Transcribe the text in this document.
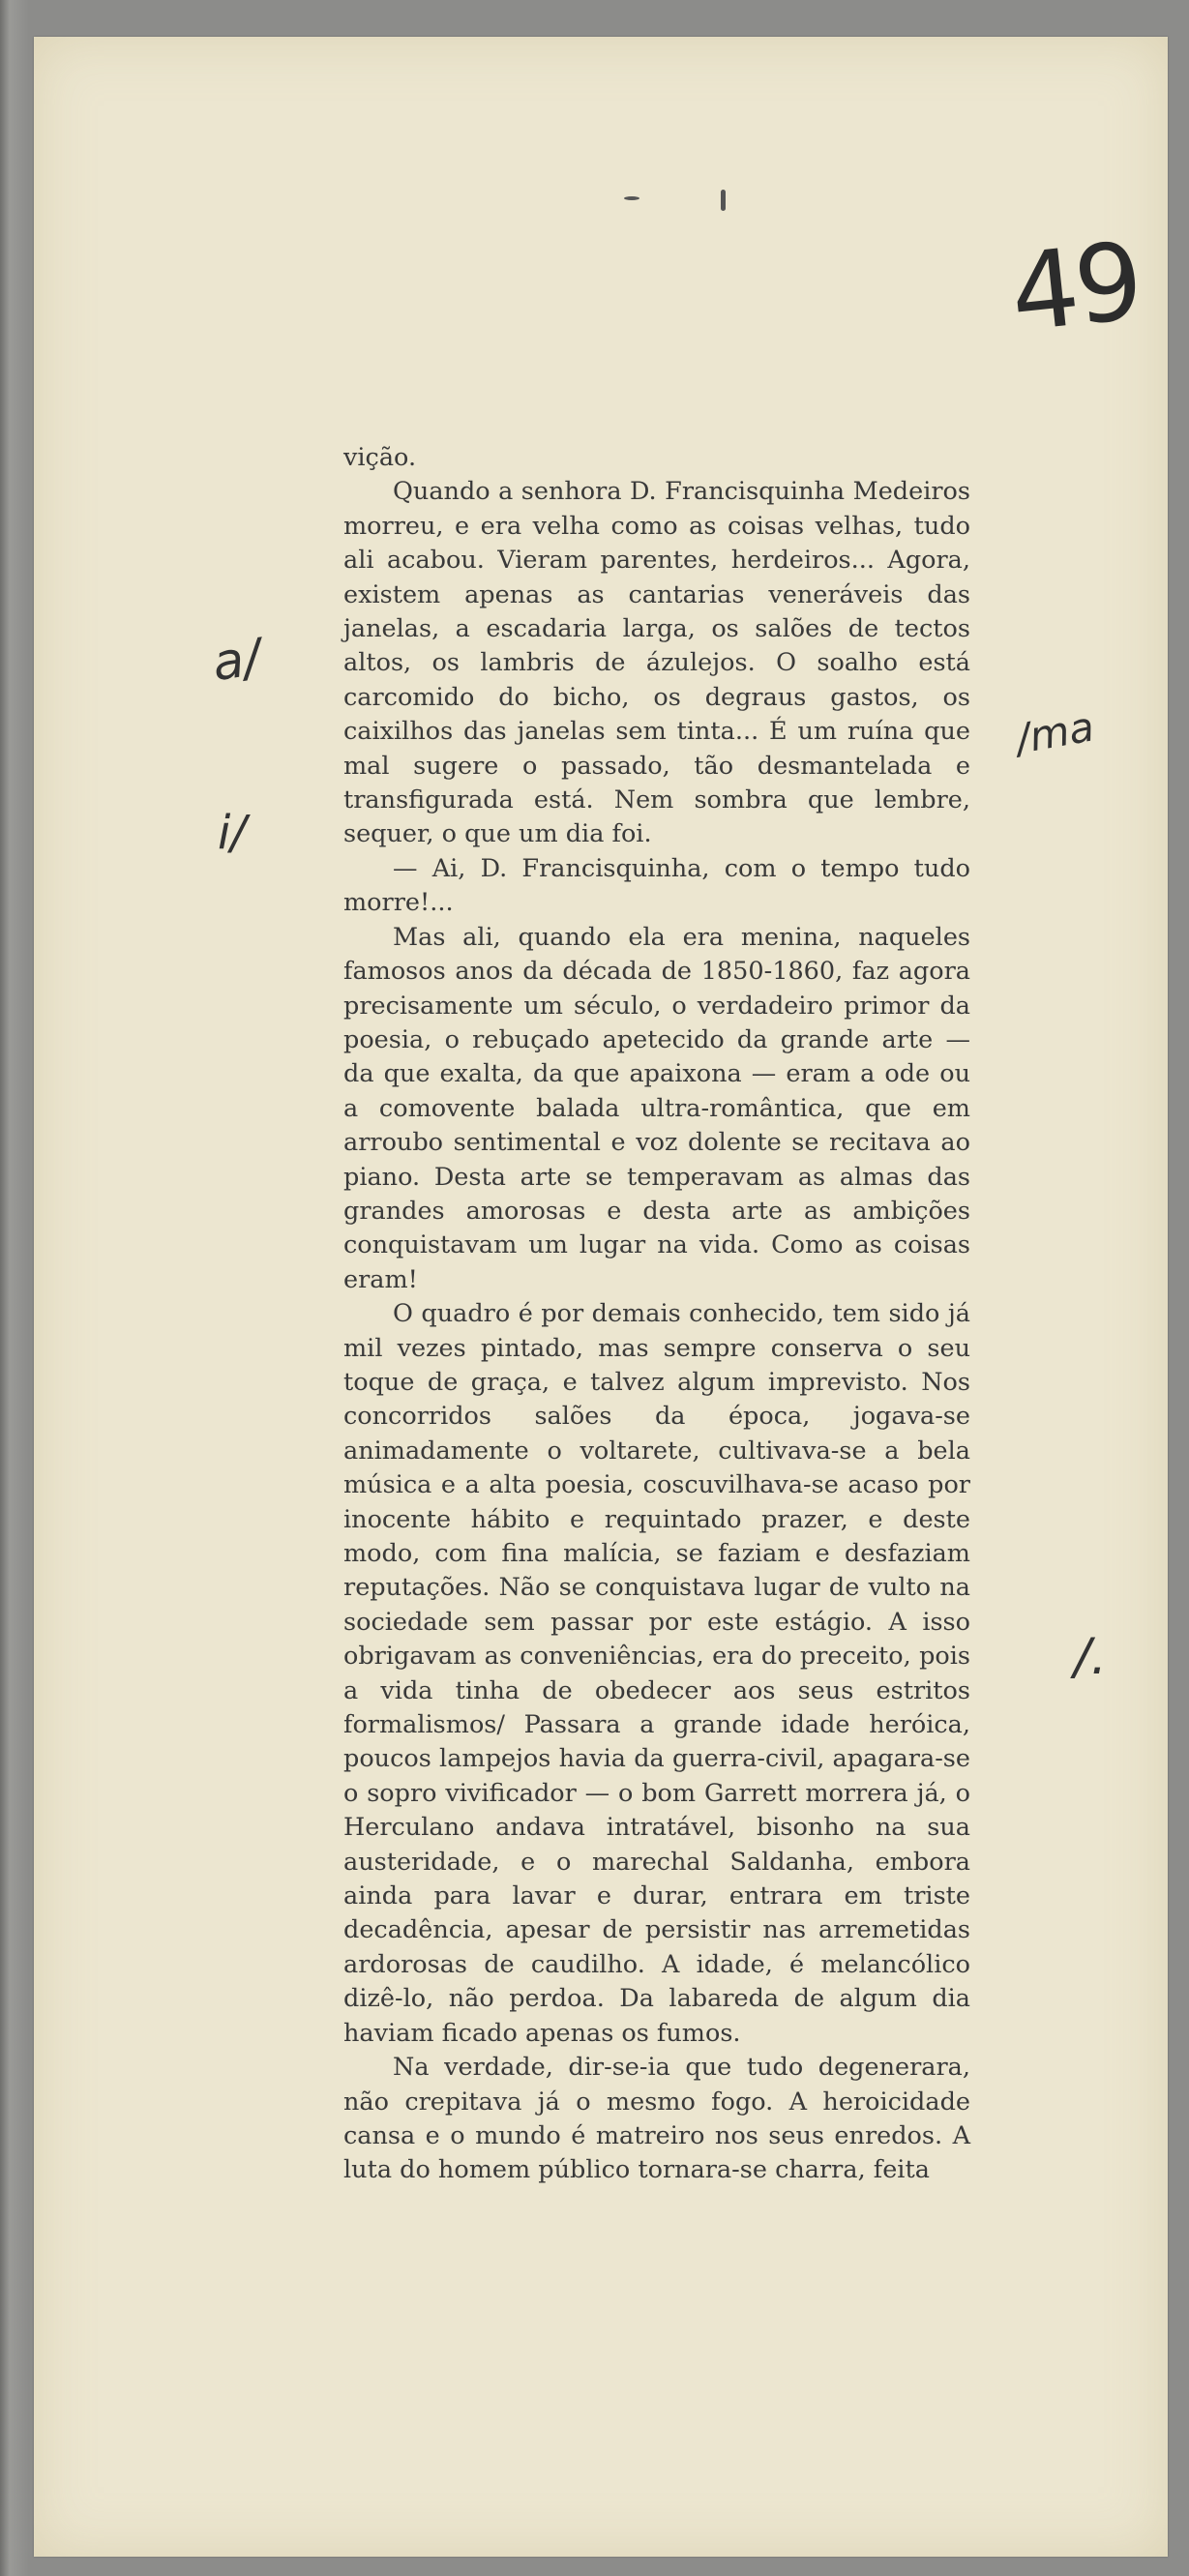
49
a/
i/
/ma
/.

vição.

Quando a senhora D. Francisquinha Medeiros morreu, e era velha como as coisas velhas, tudo ali acabou. Vieram parentes, herdeiros... Agora, existem apenas as cantarias veneráveis das janelas, a escadaria larga, os salões de tectos altos, os lambris de ázulejos. O soalho está carcomido do bicho, os degraus gastos, os caixilhos das janelas sem tinta... É um ruína que mal sugere o passado, tão desmantelada e transfigurada está. Nem sombra que lembre, sequer, o que um dia foi.

— Ai, D. Francisquinha, com o tempo tudo morre!...

Mas ali, quando ela era menina, naqueles famosos anos da década de 1850-1860, faz agora precisamente um século, o verdadeiro primor da poesia, o rebuçado apetecido da grande arte — da que exalta, da que apaixona — eram a ode ou a comovente balada ultra-romântica, que em arroubo sentimental e voz dolente se recitava ao piano. Desta arte se temperavam as almas das grandes amorosas e desta arte as ambições conquistavam um lugar na vida. Como as coisas eram!

O quadro é por demais conhecido, tem sido já mil vezes pintado, mas sempre conserva o seu toque de graça, e talvez algum imprevisto. Nos concorridos salões da época, jogava-se animadamente o voltarete, cultivava-se a bela música e a alta poesia, coscuvilhava-se acaso por inocente hábito e requintado prazer, e deste modo, com fina malícia, se faziam e desfaziam reputações. Não se conquistava lugar de vulto na sociedade sem passar por este estágio. A isso obrigavam as conveniências, era do preceito, pois a vida tinha de obedecer aos seus estritos formalismos/ Passara a grande idade heróica, poucos lampejos havia da guerra-civil, apagara-se o sopro vivificador — o bom Garrett morrera já, o Herculano andava intratável, bisonho na sua austeridade, e o marechal Saldanha, embora ainda para lavar e durar, entrara em triste decadência, apesar de persistir nas arremetidas ardorosas de caudilho. A idade, é melancólico dizê-lo, não perdoa. Da labareda de algum dia haviam ficado apenas os fumos.

Na verdade, dir-se-ia que tudo degenerara, não crepitava já o mesmo fogo. A heroicidade cansa e o mundo é matreiro nos seus enredos. A luta do homem público tornara-se charra, feita
